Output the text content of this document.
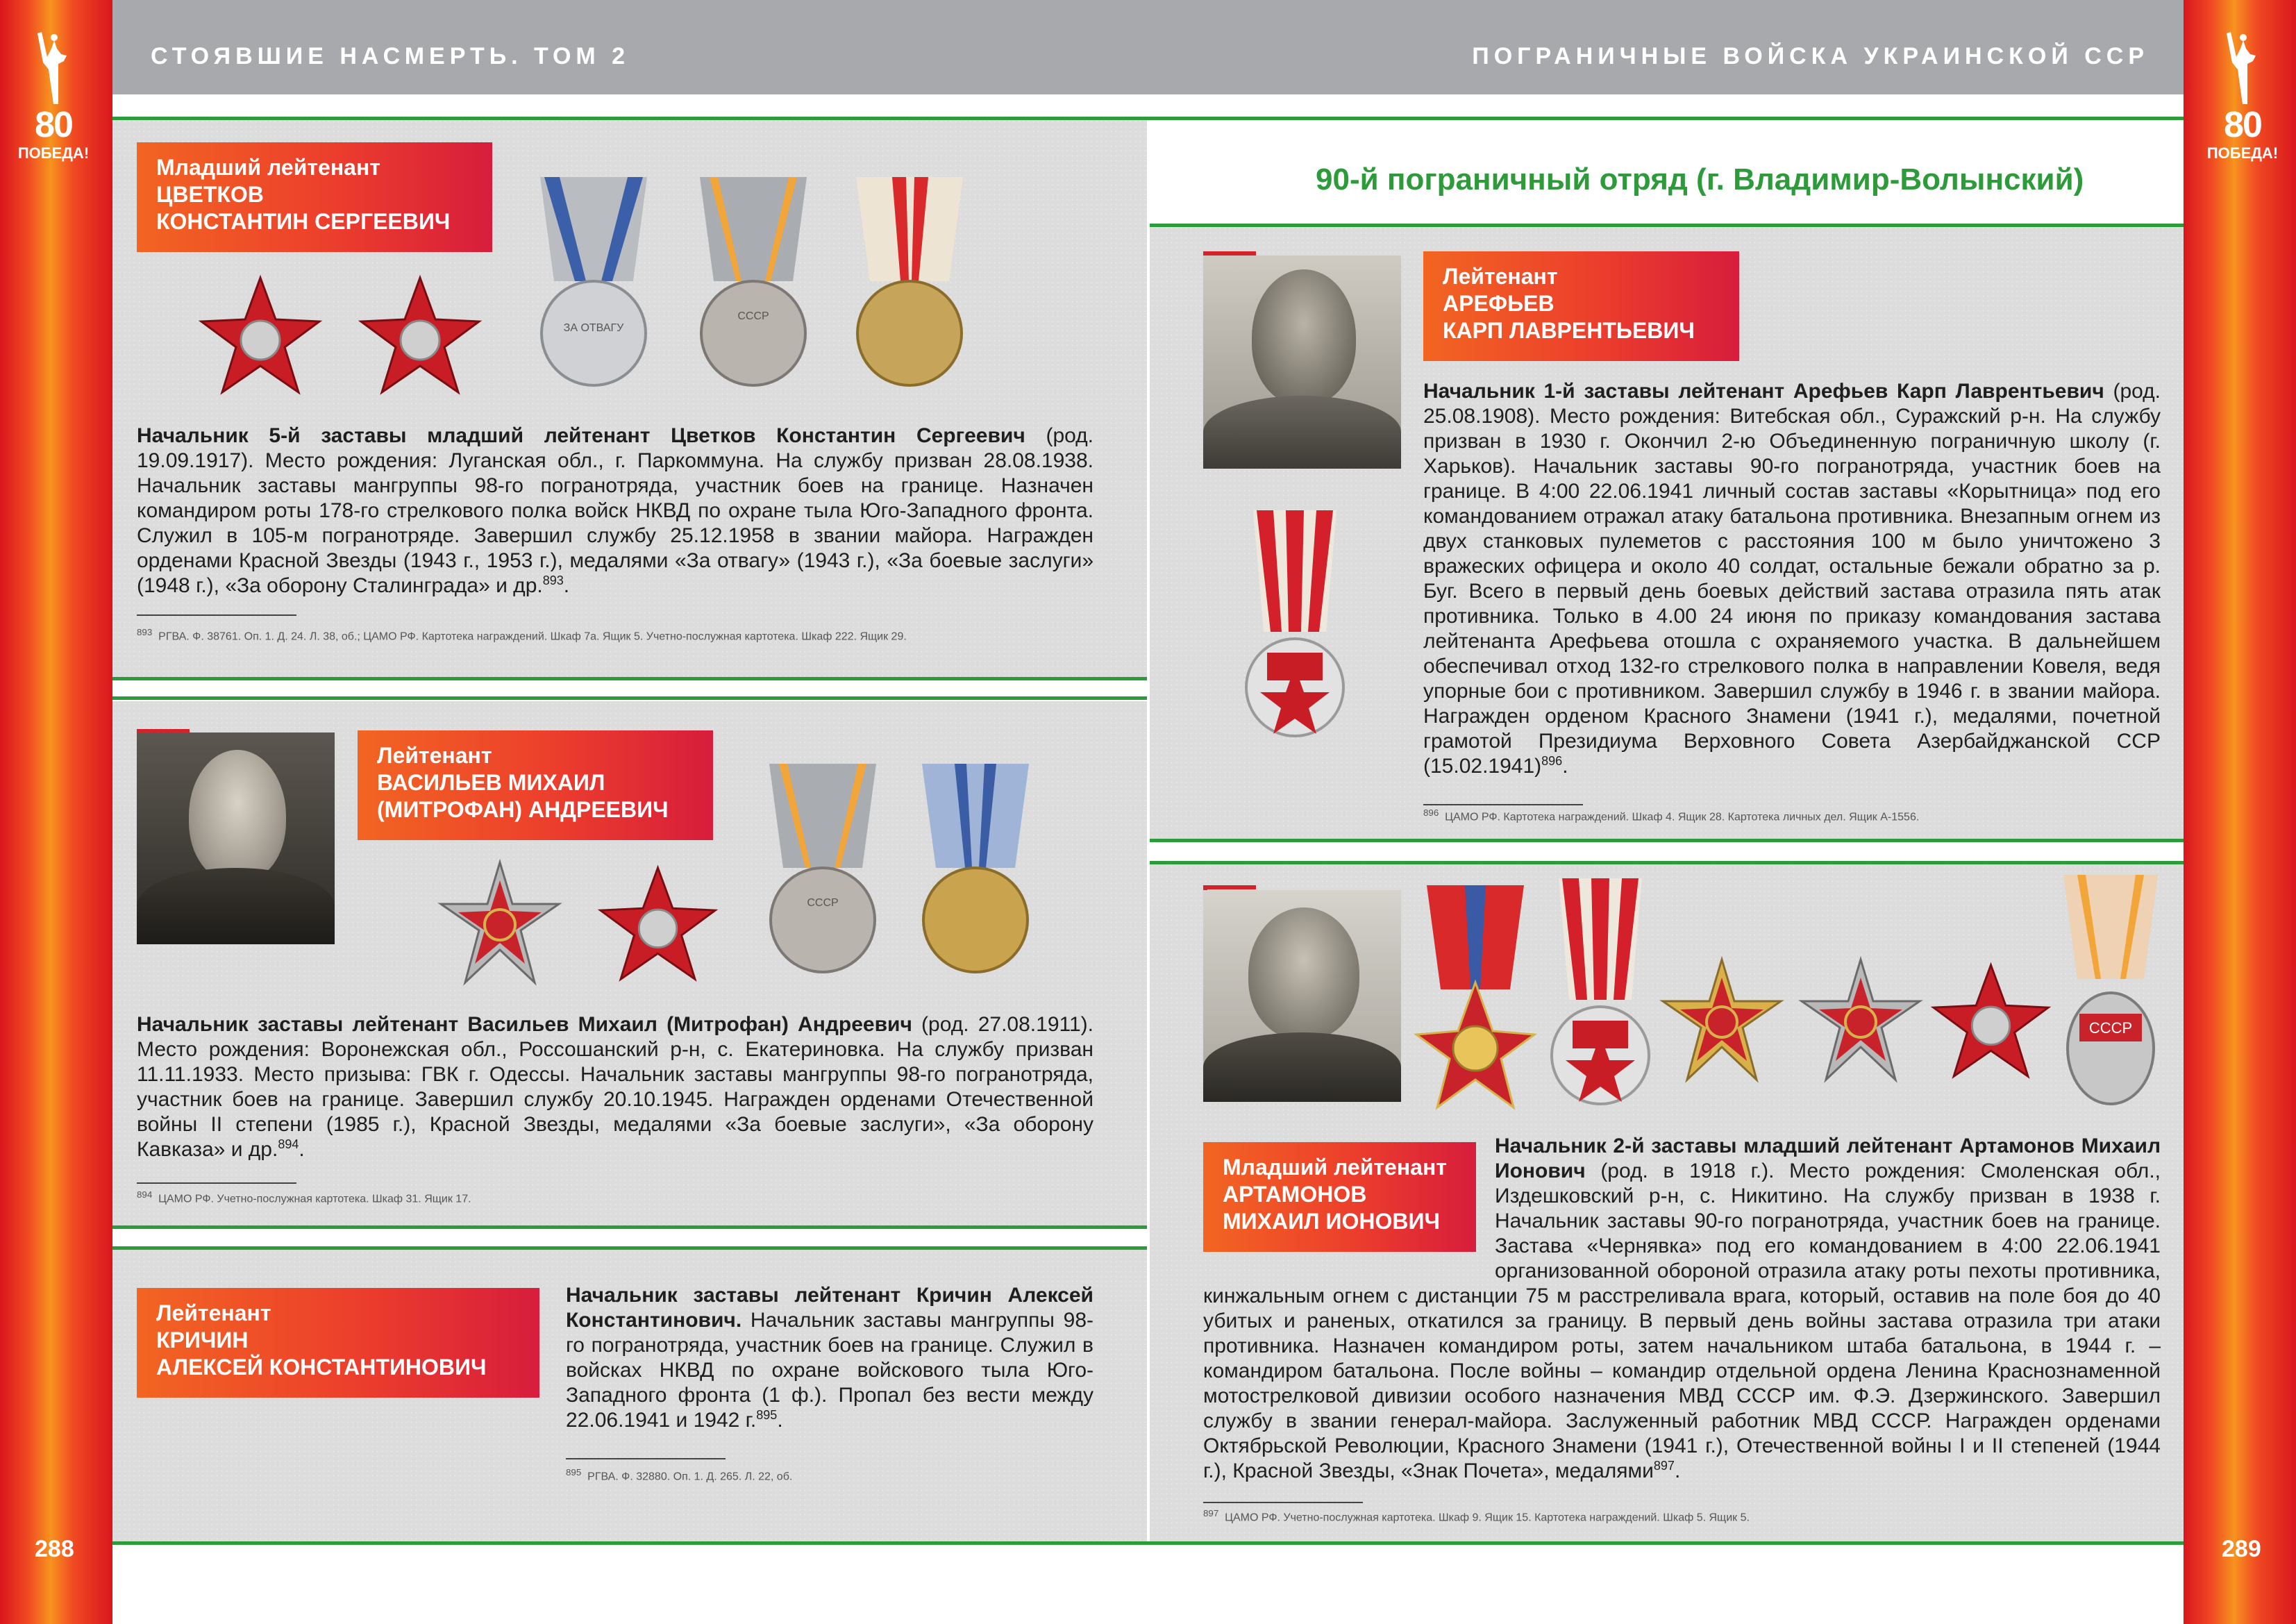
80
ПОБЕДА!
80
ПОБЕДА!
288	289
СТОЯВШИЕ НАСМЕРТЬ. ТОМ 2	ПОГРАНИЧНЫЕ ВОЙСКА УКРАИНСКОЙ ССР
90-й пограничный отряд (г. Владимир-Волынский)
Младший лейтенант
ЦВЕТКОВ
КОНСТАНТИН СЕРГЕЕВИЧ
ЗА ОТВАГУ
СССР
Начальник 5-й заставы младший лейтенант Цветков Константин Сергеевич (род. 19.09.1917). Место рождения: Луганская обл., г. Паркоммуна. На службу призван 28.08.1938. Начальник заставы мангруппы 98-го погранотряда, участник боев на границе. Назначен командиром роты 178-го стрелкового полка войск НКВД по охране тыла Юго-Западного фронта. Служил в 105-м погранотряде. Завершил службу 25.12.1958 в звании майора. Награжден орденами Красной Звезды (1943 г., 1953 г.), медалями «За отвагу» (1943 г.), «За боевые заслуги» (1948 г.), «За оборону Сталинграда» и др.$^{893}$.
$^{893}$ РГВА. Ф. 38761. Оп. 1. Д. 24. Л. 38, об.; ЦАМО РФ. Картотека награждений. Шкаф 7а. Ящик 5. Учетно-послужная картотека. Шкаф 222. Ящик 29.
Лейтенант
ВАСИЛЬЕВ МИХАИЛ
(МИТРОФАН) АНДРЕЕВИЧ
СССР
Начальник заставы лейтенант Васильев Михаил (Митрофан) Андреевич (род. 27.08.1911). Место рождения: Воронежская обл., Россошанский р-н, с. Екатериновка. На службу призван 11.11.1933. Место призыва: ГВК г. Одессы. Начальник заставы мангруппы 98-го погранотряда, участник боев на границе. Завершил службу 20.10.1945. Награжден орденами Отечественной войны II степени (1985 г.), Красной Звезды, медалями «За боевые заслуги», «За оборону Кавказа» и др.$^{894}$.
$^{894}$ ЦАМО РФ. Учетно-послужная картотека. Шкаф 31. Ящик 17.
Лейтенант
КРИЧИН
АЛЕКСЕЙ КОНСТАНТИНОВИЧ
Начальник заставы лейтенант Кричин Алексей Константинович. Начальник заставы мангруппы 98-го погранотряда, участник боев на границе. Служил в войсках НКВД по охране войскового тыла Юго-Западного фронта (1 ф.). Пропал без вести между 22.06.1941 и 1942 г.$^{895}$.
$^{895}$ РГВА. Ф. 32880. Оп. 1. Д. 265. Л. 22, об.
Лейтенант
АРЕФЬЕВ
КАРП ЛАВРЕНТЬЕВИЧ
Начальник 1-й заставы лейтенант Арефьев Карп Лаврентьевич (род. 25.08.1908). Место рождения: Витебская обл., Суражский р-н. На службу призван в 1930 г. Окончил 2-ю Объединенную пограничную школу (г. Харьков). Начальник заставы 90-го погранотряда, участник боев на границе. В 4:00 22.06.1941 личный состав заставы «Корытница» под его командованием отражал атаку батальона противника. Внезапным огнем из двух станковых пулеметов с расстояния 100 м было уничтожено 3 вражеских офицера и около 40 солдат, остальные бежали обратно за р. Буг. Всего в первый день боевых действий застава отразила пять атак противника. Только в 4.00 24 июня по приказу командования застава лейтенанта Арефьева отошла с охраняемого участка. В дальнейшем обеспечивал отход 132-го стрелкового полка в направлении Ковеля, ведя упорные бои с противником. Завершил службу в 1946 г. в звании майора. Награжден орденом Красного Знамени (1941 г.), медалями, почетной грамотой Президиума Верховного Совета Азербайджанской ССР $(15.02.1941)^{896}$.
$^{896}$ ЦАМО РФ. Картотека награждений. Шкаф 4. Ящик 28. Картотека личных дел. Ящик А-1556.
СССР
Младший лейтенант
АРТАМОНОВ
МИХАИЛ ИОНОВИЧ
Начальник 2-й заставы младший лейтенант Артамонов Михаил Ионович (род. в 1918 г.). Место рождения: Смоленская обл., Издешковский р-н, с. Никитино. На службу призван в 1938 г. Начальник заставы 90-го погранотряда, участник боев на границе. Застава «Чернявка» под его командованием в 4:00 22.06.1941 организованной обороной отразила атаку роты пехоты противника, кинжальным огнем с дистанции 75 м расстреливала врага, который, оставив на поле боя до 40 убитых и раненых, откатился за границу. В первый день войны застава отразила три атаки противника. Назначен командиром роты, затем начальником штаба батальона, в 1944 г. – командиром батальона. После войны – командир отдельной ордена Ленина Краснознаменной мотострелковой дивизии особого назначения МВД СССР им. Ф.Э. Дзержинского. Завершил службу в звании генерал-майора. Заслуженный работник МВД СССР. Награжден орденами Октябрьской Революции, Красного Знамени (1941 г.), Отечественной войны I и II степеней (1944 г.), Красной Звезды, «Знак Почета», медалями$^{897}$.
$^{897}$ ЦАМО РФ. Учетно-послужная картотека. Шкаф 9. Ящик 15. Картотека награждений. Шкаф 5. Ящик 5.
